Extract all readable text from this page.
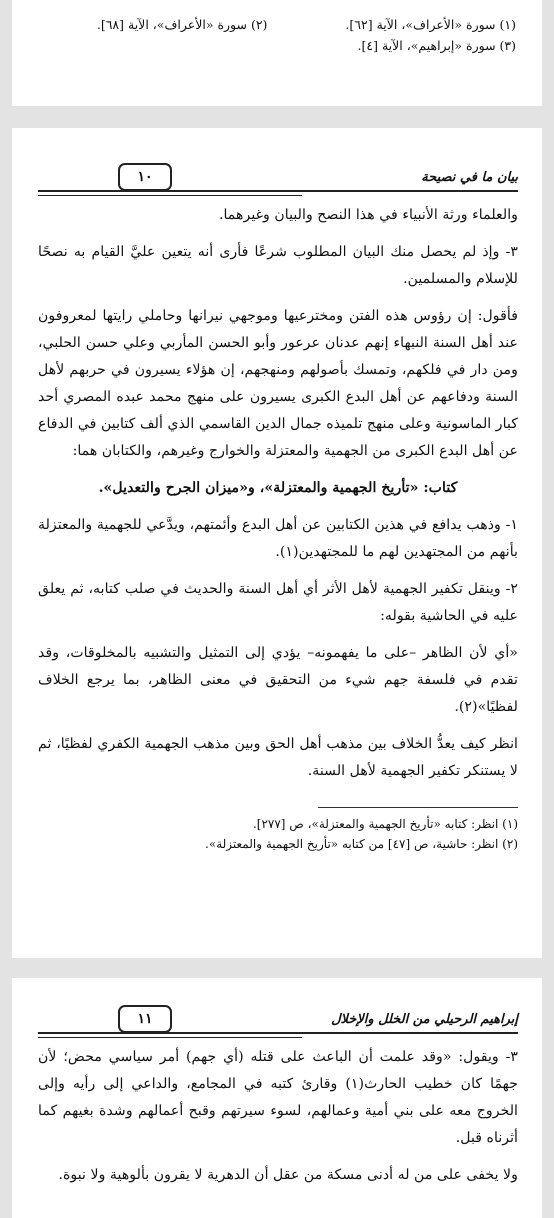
(١) سورة «الأعراف»، الآية [٦٢].
(٣) سورة «إبراهيم»، الآية [٤].
(٢) سورة «الأعراف»، الآية [٦٨].
بيان ما في نصيحة
١٠

والعلماء ورثة الأنبياء في هذا النصح والبيان وغيرهما.

٣- وإذ لم يحصل منك البيان المطلوب شرعًا فأرى أنه يتعين عليَّ القيام به نصحًا للإسلام والمسلمين.

فأقول: إن رؤوس هذه الفتن ومخترعيها وموجهي نيرانها وحاملي رايتها لمعروفون عند أهل السنة النبهاء إنهم عدنان عرعور وأبو الحسن المأربي وعلي حسن الحلبي، ومن دار في فلكهم، وتمسك بأصولهم ومنهجهم، إن هؤلاء يسيرون في حربهم لأهل السنة ودفاعهم عن أهل البدع الكبرى يسيرون على منهج محمد عبده المصري أحد كبار الماسونية وعلى منهج تلميذه جمال الدين القاسمي الذي ألف كتابين في الدفاع عن أهل البدع الكبرى من الجهمية والمعتزلة والخوارج وغيرهم، والكتابان هما:

كتاب: «تأريخ الجهمية والمعتزلة»، و«ميزان الجرح والتعديل».

١- وذهب يدافع في هذين الكتابين عن أهل البدع وأئمتهم، ويدَّعي للجهمية والمعتزلة بأنهم من المجتهدين لهم ما للمجتهدين(١).

٢- وينقل تكفير الجهمية لأهل الأثر أي أهل السنة والحديث في صلب كتابه، ثم يعلق عليه في الحاشية بقوله:

«أي لأن الظاهر –على ما يفهمونه– يؤدي إلى التمثيل والتشبيه بالمخلوقات، وقد تقدم في فلسفة جهم شيء من التحقيق في معنى الظاهر، بما يرجع الخلاف لفظيًا»(٢).

انظر كيف يعدُّ الخلاف بين مذهب أهل الحق وبين مذهب الجهمية الكفري لفظيًا، ثم لا يستنكر تكفير الجهمية لأهل السنة.

(١) انظر: كتابه «تأريخ الجهمية والمعتزلة»، ص [٢٧٧].

(٢) انظر: حاشية، ص [٤٧] من كتابه «تأريخ الجهمية والمعتزلة».

إبراهيم الرحيلي من الخلل والإخلال
١١

٣- ويقول: «وقد علمت أن الباعث على قتله (أي جهم) أمر سياسي محض؛ لأن جهمًا كان خطيب الحارث(١) وقارئ كتبه في المجامع، والداعي إلى رأيه وإلى الخروج معه على بني أمية وعمالهم، لسوء سيرتهم وقبح أعمالهم وشدة بغيهم كما أثرناه قبل.

ولا يخفى على من له أدنى مسكة من عقل أن الدهرية لا يقرون بألوهية ولا نبوة.
